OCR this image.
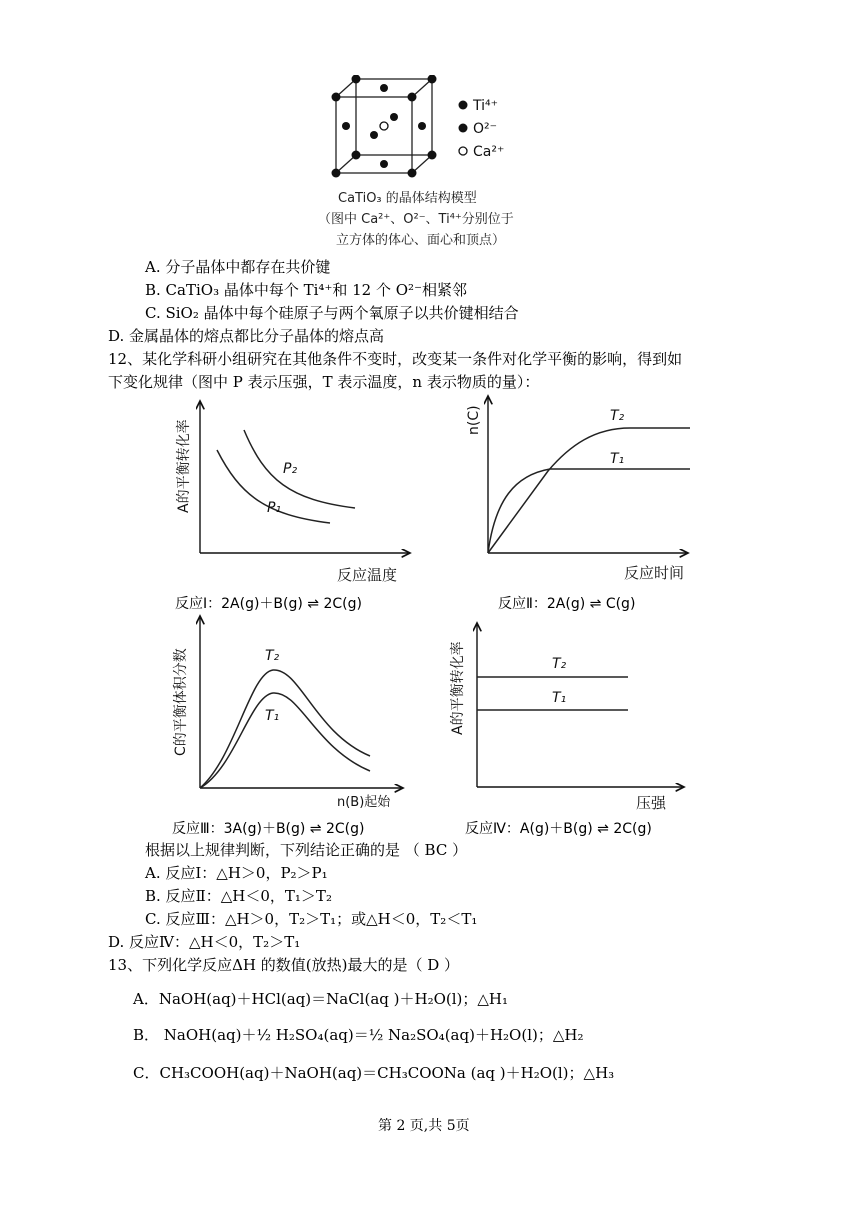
Ti⁴⁺
O²⁻
Ca²⁺
CaTiO₃ 的晶体结构模型
（图中 Ca²⁺、O²⁻、Ti⁴⁺分别位于
立方体的体心、面心和顶点）
A. 分子晶体中都存在共价键
B. CaTiO₃ 晶体中每个 Ti⁴⁺和 12 个 O²⁻相紧邻
C. SiO₂ 晶体中每个硅原子与两个氧原子以共价键相结合
D. 金属晶体的熔点都比分子晶体的熔点高
12、某化学科研小组研究在其他条件不变时，改变某一条件对化学平衡的影响，得到如
下变化规律（图中 P 表示压强，T 表示温度，n 表示物质的量）：
P₂
P₁
反应温度
A的平衡转化率
反应Ⅰ：2A(g)＋B(g) ⇌ 2C(g)
T₂
T₁
反应时间
n(C)
反应Ⅱ：2A(g) ⇌ C(g)
T₂
T₁
n(B)起始
C的平衡体积分数
反应Ⅲ：3A(g)＋B(g) ⇌ 2C(g)
T₂
T₁
压强
A的平衡转化率
反应Ⅳ：A(g)＋B(g) ⇌ 2C(g)
根据以上规律判断，下列结论正确的是 （ BC ）
A. 反应Ⅰ：△H＞0，P₂＞P₁
B. 反应Ⅱ：△H＜0，T₁＞T₂
C. 反应Ⅲ：△H＞0，T₂＞T₁；或△H＜0，T₂＜T₁
D. 反应Ⅳ：△H＜0，T₂＞T₁
13、下列化学反应ΔH 的数值(放热)最大的是（ D ）
A．NaOH(aq)＋HCl(aq)＝NaCl(aq )＋H₂O(l)；△H₁
B． NaOH(aq)＋½ H₂SO₄(aq)＝½ Na₂SO₄(aq)＋H₂O(l)；△H₂
C．CH₃COOH(aq)＋NaOH(aq)＝CH₃COONa (aq )＋H₂O(l)；△H₃
第 2 页,共 5页
